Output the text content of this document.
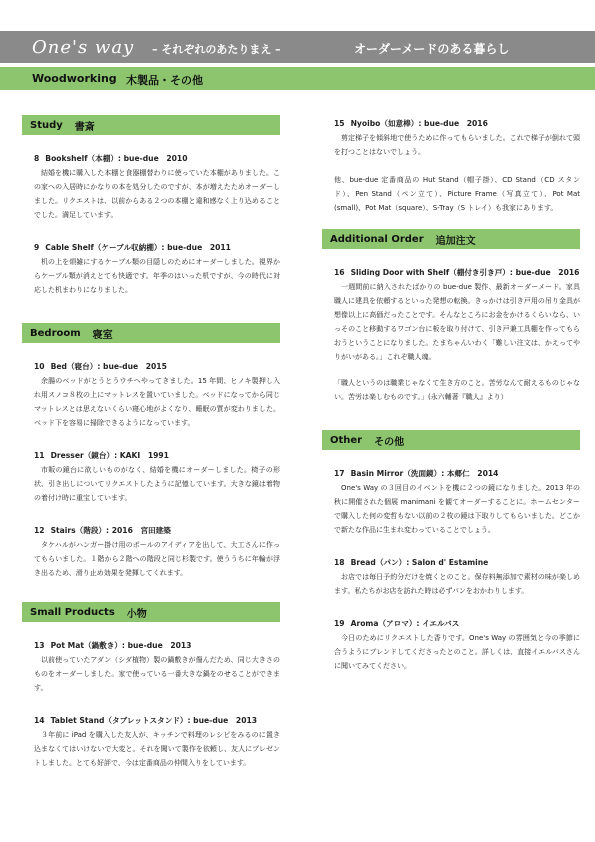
One's way – それぞれのあたりまえ –	オーダーメードのある暮らし
Woodworking 木製品・その他
Study 書斎
8 Bookshelf（本棚）: bue-due　2010
結婚を機に購入した本棚と食器棚替わりに使っていた本棚がありました。この家への入居時にかなりの本を処分したのですが、本が増えたためオーダーしました。リクエストは、以前からある２つの本棚と違和感なく上り込めることでした。満足しています。
9 Cable Shelf（ケーブル収納棚）: bue-due　2011
机の上を煩雑にするケーブル類の目隠しのためにオーダーしました。視界からケーブル類が消えとても快適です。年季のはいった机ですが、今の時代に対応した机まわりになりました。
Bedroom 寝室
10 Bed（寝台）: bue-due　2015
余腸のベッドがとうとうウチへやってきました。15 年間、ヒノキ製押し入れ用スノコ８枚の上にマットレスを置いていました。ベッドになってから同じマットレスとは思えないくらい寝心地がよくなり、睡眠の質が変わりました。ベッド下を容易に掃除できるようになっています。
11 Dresser（鏡台）: KAKI　1991
市販の鏡台に欲しいものがなく、結婚を機にオーダーしました。椅子の形状、引き出しについてリクエストしたように記憶しています。大きな鏡は着物の着付け時に重宝しています。
12 Stairs（階段）: 2016　宮田建築
タケハルがハンガー掛け用のポールのアイディアを出して、大工さんに作ってもらいました。１階から２階への階段と同じ杉製です。使ううちに年輪が浮き出るため、滑り止め効果を発揮してくれます。
Small Products 小物
13 Pot Mat（鍋敷き）: bue-due　2013
以前使っていたアダン（シダ植物）製の鍋敷きが傷んだため、同じ大きさのものをオーダーしました。家で使っている一番大きな鍋をのせることができます。
14 Tablet Stand（タブレットスタンド）: bue-due　2013
３年前に iPad を購入した友人が、キッチンで料理のレシピをみるのに置き込まなくてはいけないで大変と。それを聞いて製作を依頼し、友人にプレゼントしました。とても好評で、今は定番商品の仲間入りをしています。
15 Nyoibo（如意棒）: bue-due　2016
剪定梯子を傾斜地で使うために作ってもらいました。これで梯子が倒れて頭を打つことはないでしょう。
他、bue-due 定番商品の Hut Stand（帽子掛）、CD Stand（CD スタンド）、Pen Stand（ペン立て）、Picture Frame（写真立て）、Pot Mat (small)、Pot Mat（square）、S-Tray（S トレイ）も我家にあります。
Additional Order 追加注文
16 Sliding Door with Shelf（棚付き引き戸）: bue-due　2016
一週間前に納入されたばかりの bue-due 製作、最新オーダーメード。家具職人に建具を依頼するといった発想の転換。きっかけは引き戸用の吊り金具が想像以上に高価だったことです。そんなところにお金をかけるくらいなら、いっそのこと移動するワゴン台に板を取り付けて、引き戸兼工具棚を作ってもらおうということになりました。たまちゃんいわく「難しい注文は、かえってやりがいがある。」これぞ職人魂。
「職人というのは職業じゃなくて生き方のこと。苦労なんて耐えるものじゃない。苦労は楽しむものです。」(永六輔著『職人』より）
Other その他
17 Basin Mirror（洗面鏡）: 本郷仁　2014
One's Way の３回目のイベントを機に２つの鏡になりました。2013 年の秋に開催された個展 manimani を観てオーダーすることに。ホームセンターで購入した何の変哲もない以前の２枚の鏡は下取りしてもらいました。どこかで新たな作品に生まれ変わっていることでしょう。
18 Bread（パン）: Salon d' Estamine
お店では毎日予約分だけを焼くとのこと。保存料無添加で素材の味が楽しめます。私たちがお店を訪れた時は必ずパンをおかわりします。
19 Aroma（アロマ）: イエルバス
今日のためにリクエストした香りです。One's Way の雰囲気と今の季節に合うようにブレンドしてくださったとのこと。詳しくは、直接イエルバスさんに聞いてみてください。
